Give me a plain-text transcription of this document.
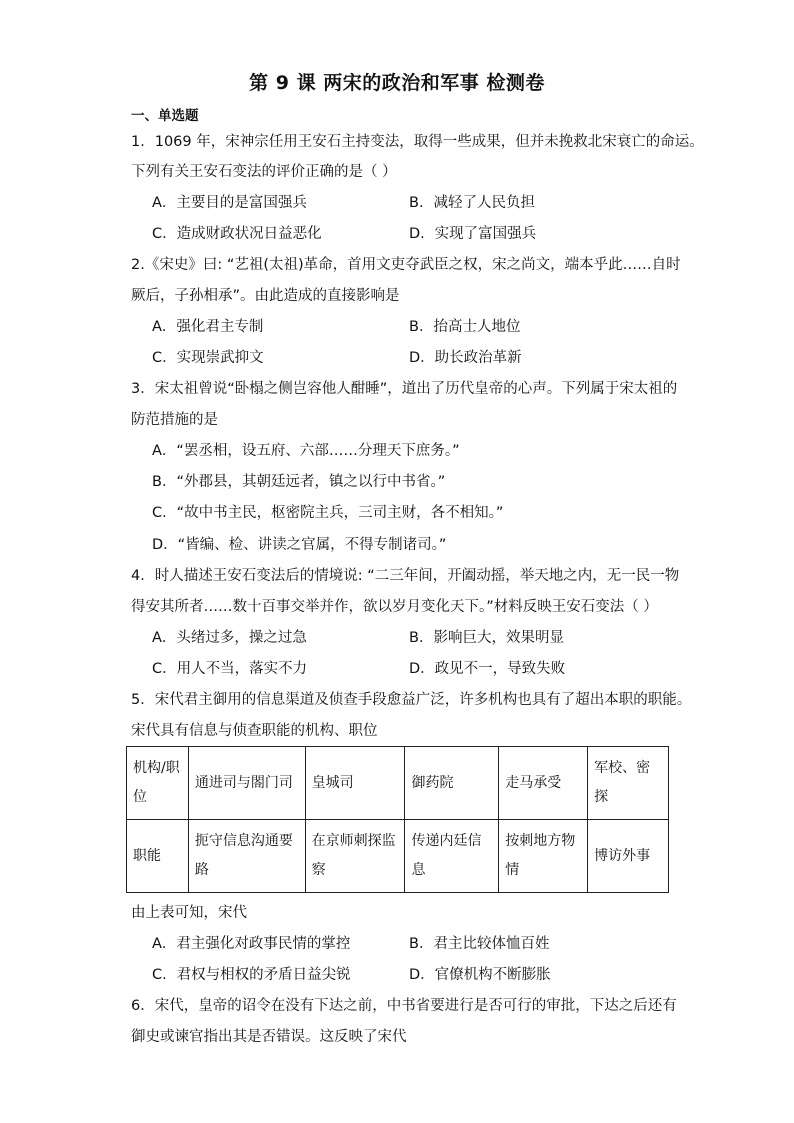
第 9 课 两宋的政治和军事 检测卷
一、单选题
1．1069 年，宋神宗任用王安石主持变法，取得一些成果，但并未挽救北宋衰亡的命运。
下列有关王安石变法的评价正确的是（ ）
A．主要目的是富国强兵	B．减轻了人民负担
C．造成财政状况日益恶化	D．实现了富国强兵
2.《宋史》曰: “艺祖(太祖)革命，首用文吏夺武臣之权，宋之尚文，端本乎此……自时
厥后，子孙相承”。由此造成的直接影响是
A．强化君主专制	B．抬高士人地位
C．实现崇武抑文	D．助长政治革新
3．宋太祖曾说“卧榻之侧岂容他人酣睡”，道出了历代皇帝的心声。下列属于宋太祖的
防范措施的是
A．“罢丞相，设五府、六部……分理天下庶务。”
B．“外郡县，其朝廷远者，镇之以行中书省。”
C．“故中书主民，枢密院主兵，三司主财，各不相知。”
D．“皆编、检、讲读之官属，不得专制诸司。”
4．时人描述王安石变法后的情境说: “二三年间，开阖动摇，举天地之内，无一民一物
得安其所者……数十百事交举并作，欲以岁月变化天下。”材料反映王安石变法（ ）
A．头绪过多，操之过急	B．影响巨大，效果明显
C．用人不当，落实不力	D．政见不一，导致失败
5．宋代君主御用的信息渠道及侦查手段愈益广泛，许多机构也具有了超出本职的职能。
宋代具有信息与侦查职能的机构、职位
机构/职位	通进司与閤门司	皇城司	御药院	走马承受	军校、密探
职能	扼守信息沟通要路	在京师刺探监察	传递内廷信息	按刺地方物情	博访外事
由上表可知，宋代
A．君主强化对政事民情的掌控	B．君主比较体恤百姓
C．君权与相权的矛盾日益尖锐	D．官僚机构不断膨胀
6．宋代，皇帝的诏令在没有下达之前，中书省要进行是否可行的审批，下达之后还有
御史或谏官指出其是否错误。这反映了宋代
